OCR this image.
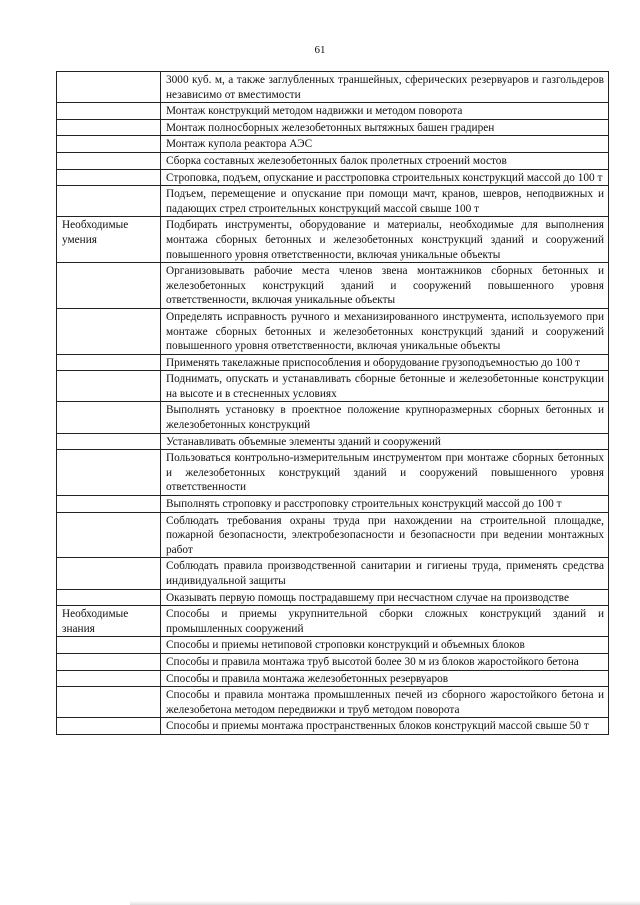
61
	3000 куб. м, а также заглубленных траншейных, сферических резервуаров и газгольдеров независимо от вместимости
	Монтаж конструкций методом надвижки и методом поворота
	Монтаж полносборных железобетонных вытяжных башен градирен
	Монтаж купола реактора АЭС
	Сборка составных железобетонных балок пролетных строений мостов
	Строповка, подъем, опускание и расстроповка строительных конструкций массой до 100 т
	Подъем, перемещение и опускание при помощи мачт, кранов, шевров, неподвижных и падающих стрел строительных конструкций массой свыше 100 т

Необходимые умения	Подбирать инструменты, оборудование и материалы, необходимые для выполнения монтажа сборных бетонных и железобетонных конструкций зданий и сооружений повышенного уровня ответственности, включая уникальные объекты
	Организовывать рабочие места членов звена монтажников сборных бетонных и железобетонных конструкций зданий и сооружений повышенного уровня ответственности, включая уникальные объекты
	Определять исправность ручного и механизированного инструмента, используемого при монтаже сборных бетонных и железобетонных конструкций зданий и сооружений повышенного уровня ответственности, включая уникальные объекты
	Применять такелажные приспособления и оборудование грузоподъемностью до 100 т
	Поднимать, опускать и устанавливать сборные бетонные и железобетонные конструкции на высоте и в стесненных условиях
	Выполнять установку в проектное положение крупноразмерных сборных бетонных и железобетонных конструкций
	Устанавливать объемные элементы зданий и сооружений
	Пользоваться контрольно-измерительным инструментом при монтаже сборных бетонных и железобетонных конструкций зданий и сооружений повышенного уровня ответственности
	Выполнять строповку и расстроповку строительных конструкций массой до 100 т
	Соблюдать требования охраны труда при нахождении на строительной площадке, пожарной безопасности, электробезопасности и безопасности при ведении монтажных работ
	Соблюдать правила производственной санитарии и гигиены труда, применять средства индивидуальной защиты
	Оказывать первую помощь пострадавшему при несчастном случае на производстве

Необходимые знания	Способы и приемы укрупнительной сборки сложных конструкций зданий и промышленных сооружений
	Способы и приемы нетиповой строповки конструкций и объемных блоков
	Способы и правила монтажа труб высотой более 30 м из блоков жаростойкого бетона
	Способы и правила монтажа железобетонных резервуаров
	Способы и правила монтажа промышленных печей из сборного жаростойкого бетона и железобетона методом передвижки и труб методом поворота
	Способы и приемы монтажа пространственных блоков конструкций массой свыше 50 т
